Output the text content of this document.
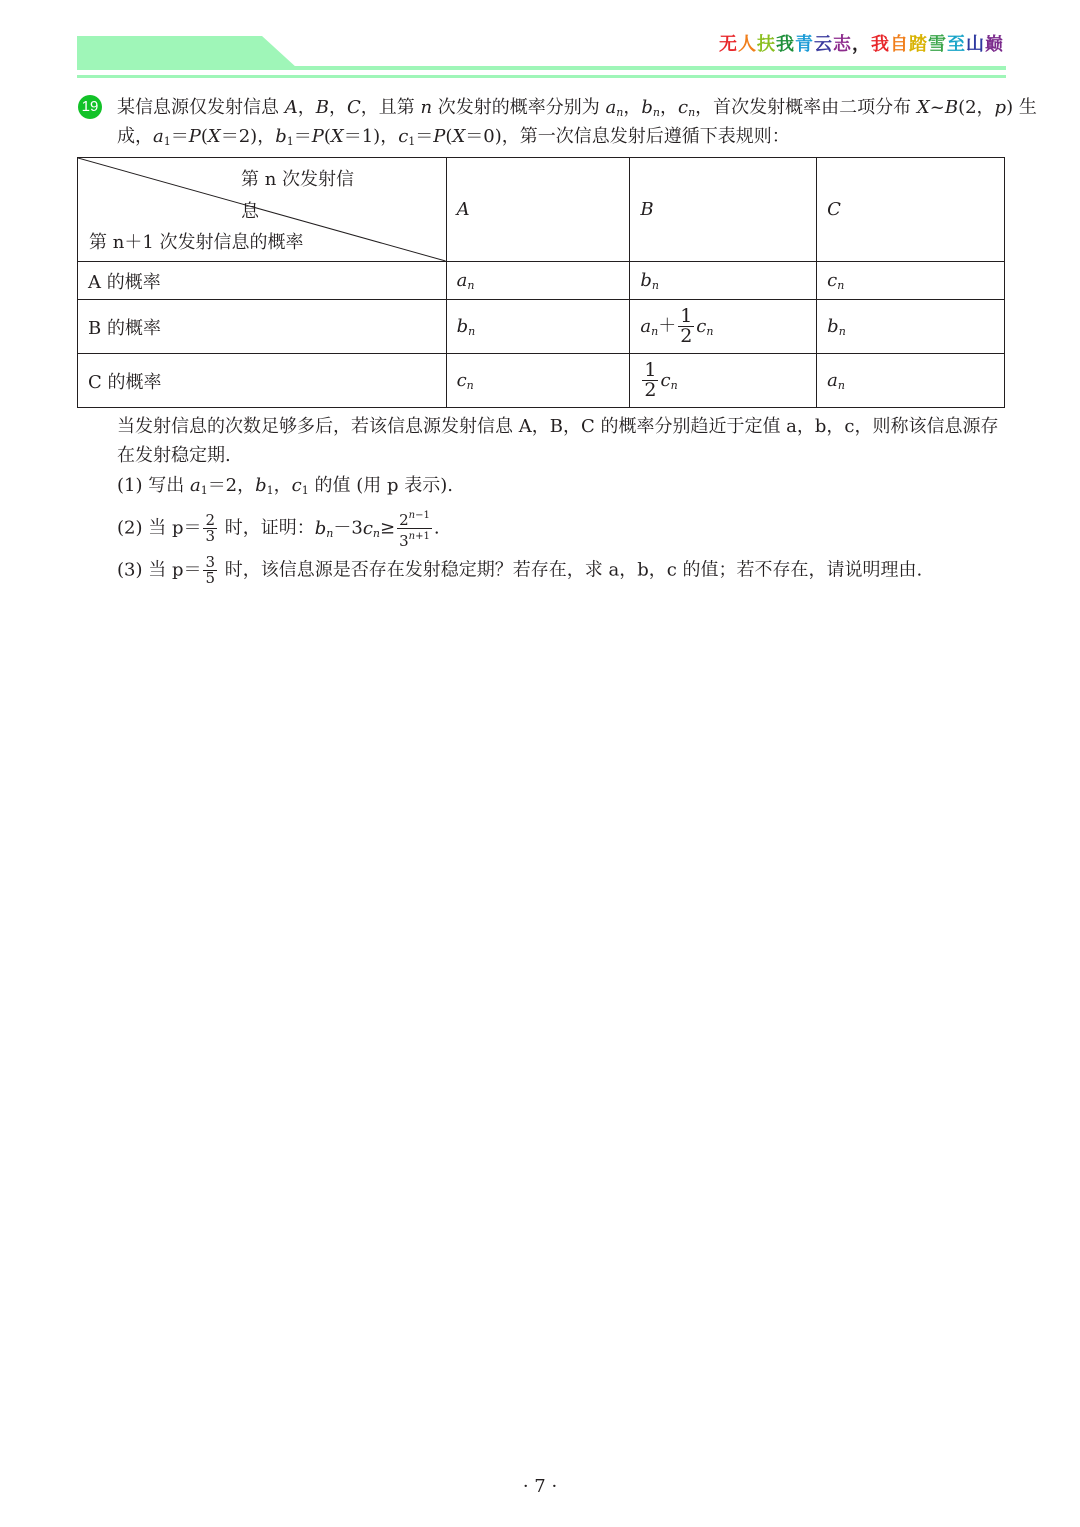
无人扶我青云志，我自踏雪至山巅
19 某信息源仅发射信息 A，B，C，且第 n 次发射的概率分别为 $a_n$，$b_n$，$c_n$，首次发射概率由二项分布 X~B(2，p) 生
成，$a_1=P(X=2)$，$b_1=P(X=1)$，$c_1=P(X=0)$，第一次信息发射后遵循下表规则：
第 n 次发射信息
第 n＋1 次发射信息的概率	A	B	C
A 的概率	$a_n$	$b_n$	$c_n$
B 的概率	$b_n$	$a_n+ \frac{1}{2} c_n$	$b_n$
C 的概率	$c_n$	$\frac{1}{2} c_n$	$a_n$
当发射信息的次数足够多后，若该信息源发射信息 A，B，C 的概率分别趋近于定值 a，b，c，则称该信息源存
在发射稳定期.
(1) 写出 $a_1=2$，$b_1$，$c_1$ 的值 (用 p 表示).
(2) 当 $p= \frac{2}{3}$ 时，证明：$b_n-3c_n\ge \frac{2^{n-1}}{3^{n+1}}$ .
(3) 当 $p= \frac{3}{5}$ 时，该信息源是否存在发射稳定期？若存在，求 a，b，c 的值；若不存在，请说明理由.
· 7 ·
